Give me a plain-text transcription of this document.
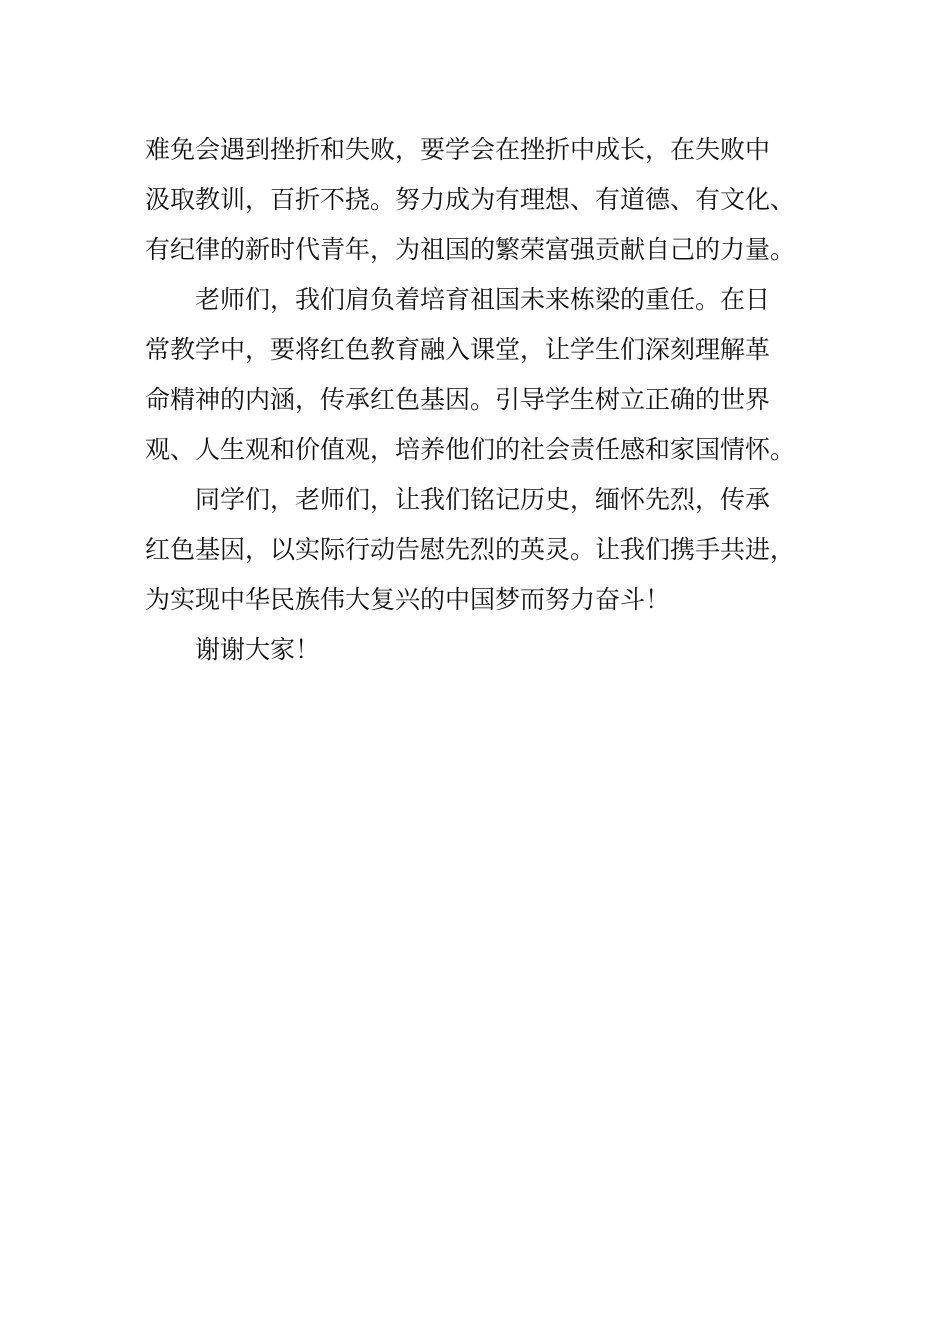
难免会遇到挫折和失败，要学会在挫折中成长，在失败中
汲取教训，百折不挠。努力成为有理想、有道德、有文化、
有纪律的新时代青年，为祖国的繁荣富强贡献自己的力量。
老师们，我们肩负着培育祖国未来栋梁的重任。在日
常教学中，要将红色教育融入课堂，让学生们深刻理解革
命精神的内涵，传承红色基因。引导学生树立正确的世界
观、人生观和价值观，培养他们的社会责任感和家国情怀。
同学们，老师们，让我们铭记历史，缅怀先烈，传承
红色基因，以实际行动告慰先烈的英灵。让我们携手共进，
为实现中华民族伟大复兴的中国梦而努力奋斗！
谢谢大家！
